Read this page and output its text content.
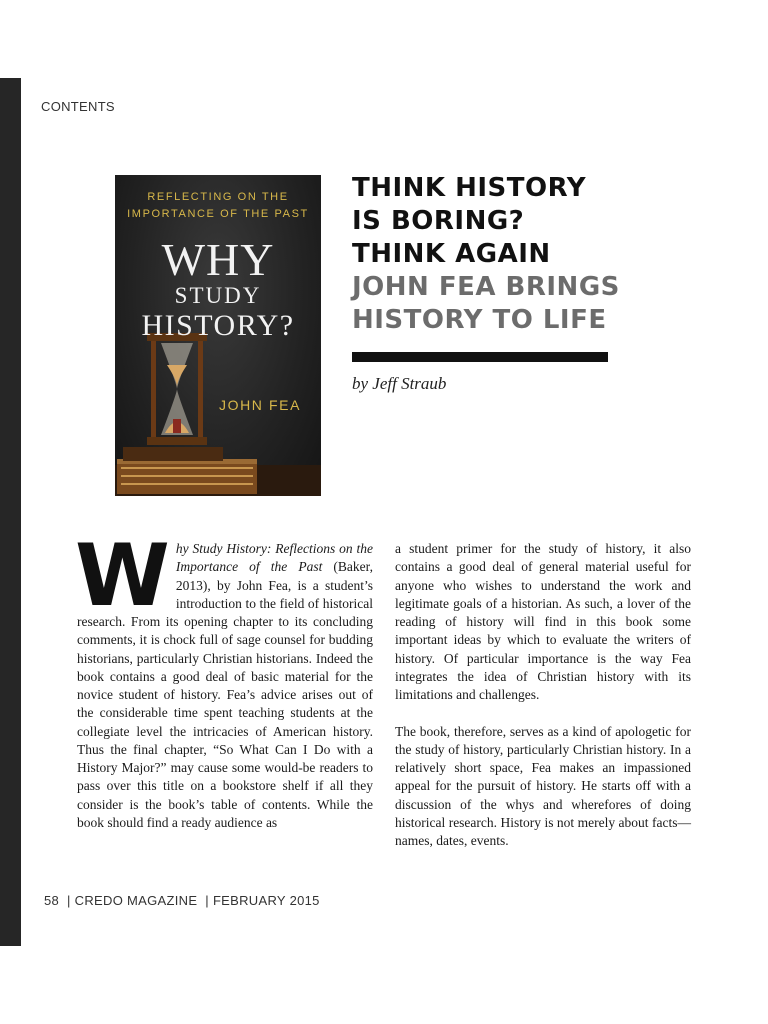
CONTENTS
REFLECTING ON THE
IMPORTANCE OF THE PAST
WHY
STUDY
HISTORY?
JOHN FEA
THINK HISTORY
IS BORING?
THINK AGAIN
JOHN FEA BRINGS
HISTORY TO LIFE
by Jeff Straub

Why Study History: Reflections on the Importance of the Past (Baker, 2013), by John Fea, is a student’s introduction to the field of historical research. From its opening chapter to its concluding comments, it is chock full of sage counsel for budding historians, particularly Christian historians. Indeed the book contains a good deal of basic material for the novice student of history. Fea’s advice arises out of the considerable time spent teaching students at the collegiate level the intricacies of American history. Thus the final chapter, “So What Can I Do with a History Major?” may cause some would-be readers to pass over this title on a bookstore shelf if all they consider is the book’s table of contents. While the book should find a ready audience as

a student primer for the study of history, it also contains a good deal of general material useful for anyone who wishes to understand the work and legitimate goals of a historian. As such, a lover of the reading of history will find in this book some important ideas by which to evaluate the writers of history. Of particular importance is the way Fea integrates the idea of Christian history with its limitations and challenges.

The book, therefore, serves as a kind of apologetic for the study of history, particularly Christian history. In a relatively short space, Fea makes an impassioned appeal for the pursuit of history. He starts off with a discussion of the whys and wherefores of doing historical research. History is not merely about facts—names, dates, events.

58 | CREDO MAGAZINE | FEBRUARY 2015
